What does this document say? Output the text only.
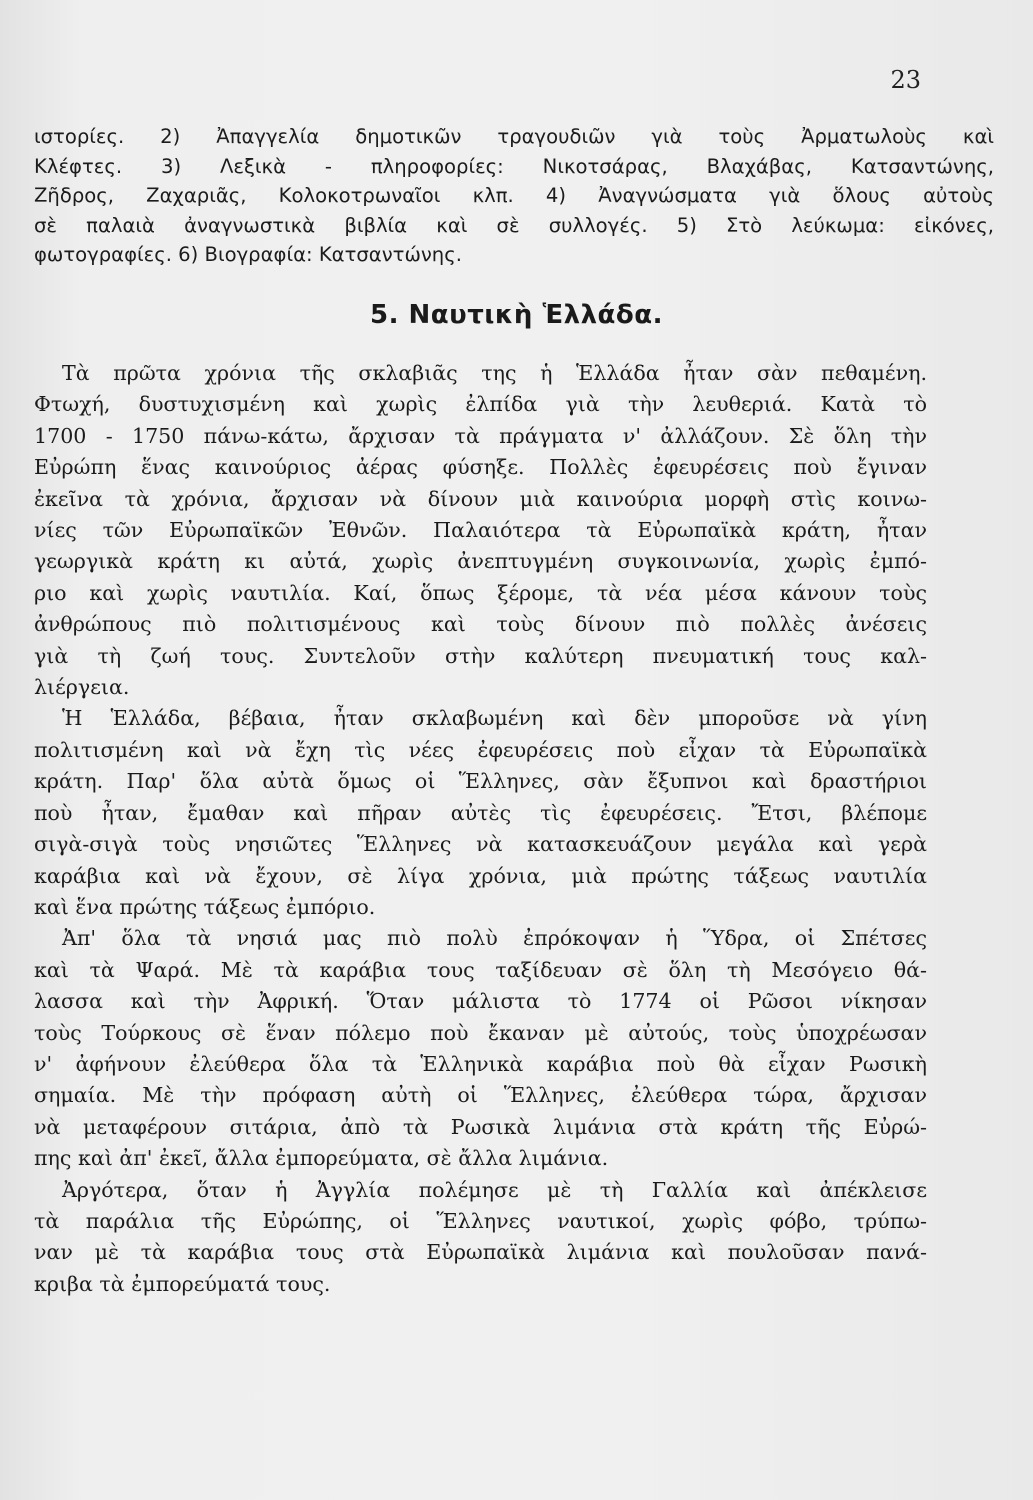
23
ιστορίες. 2) Ἀπαγγελία δημοτικῶν τραγουδιῶν γιὰ τοὺς Ἀρματωλοὺς καὶ
Κλέφτες. 3) Λεξικὰ - πληροφορίες: Νικοτσάρας, Βλαχάβας, Κατσαντώνης,
Ζῆδρος, Ζαχαριᾶς, Κολοκοτρωναῖοι κλπ. 4) Ἀναγνώσματα γιὰ ὅλους αὐτοὺς
σὲ παλαιὰ ἀναγνωστικὰ βιβλία καὶ σὲ συλλογές. 5) Στὸ λεύκωμα: εἰκόνες,
φωτογραφίες. 6) Βιογραφία: Κατσαντώνης.
5. Ναυτικὴ Ἑλλάδα.
Τὰ πρῶτα χρόνια τῆς σκλαβιᾶς της ἡ Ἑλλάδα ἦταν σὰν πεθαμένη.
Φτωχή, δυστυχισμένη καὶ χωρὶς ἐλπίδα γιὰ τὴν λευθεριά. Κατὰ τὸ
1700 - 1750 πάνω-κάτω, ἄρχισαν τὰ πράγματα ν' ἀλλάζουν. Σὲ ὅλη τὴν
Εὐρώπη ἕνας καινούριος ἀέρας φύσηξε. Πολλὲς ἐφευρέσεις ποὺ ἔγιναν
ἐκεῖνα τὰ χρόνια, ἄρχισαν νὰ δίνουν μιὰ καινούρια μορφὴ στὶς κοινω-
νίες τῶν Εὐρωπαϊκῶν Ἐθνῶν. Παλαιότερα τὰ Εὐρωπαϊκὰ κράτη, ἦταν
γεωργικὰ κράτη κι αὐτά, χωρὶς ἀνεπτυγμένη συγκοινωνία, χωρὶς ἐμπό-
ριο καὶ χωρὶς ναυτιλία. Καί, ὅπως ξέρομε, τὰ νέα μέσα κάνουν τοὺς
ἀνθρώπους πιὸ πολιτισμένους καὶ τοὺς δίνουν πιὸ πολλὲς ἀνέσεις
γιὰ τὴ ζωή τους. Συντελοῦν στὴν καλύτερη πνευματική τους καλ-
λιέργεια.
Ἡ Ἑλλάδα, βέβαια, ἦταν σκλαβωμένη καὶ δὲν μποροῦσε νὰ γίνη
πολιτισμένη καὶ νὰ ἔχη τὶς νέες ἐφευρέσεις ποὺ εἶχαν τὰ Εὐρωπαϊκὰ
κράτη. Παρ' ὅλα αὐτὰ ὅμως οἱ Ἕλληνες, σὰν ἔξυπνοι καὶ δραστήριοι
ποὺ ἦταν, ἔμαθαν καὶ πῆραν αὐτὲς τὶς ἐφευρέσεις. Ἔτσι, βλέπομε
σιγὰ-σιγὰ τοὺς νησιῶτες Ἕλληνες νὰ κατασκευάζουν μεγάλα καὶ γερὰ
καράβια καὶ νὰ ἔχουν, σὲ λίγα χρόνια, μιὰ πρώτης τάξεως ναυτιλία
καὶ ἕνα πρώτης τάξεως ἐμπόριο.
Ἀπ' ὅλα τὰ νησιά μας πιὸ πολὺ ἐπρόκοψαν ἡ Ὕδρα, οἱ Σπέτσες
καὶ τὰ Ψαρά. Μὲ τὰ καράβια τους ταξίδευαν σὲ ὅλη τὴ Μεσόγειο θά-
λασσα καὶ τὴν Ἀφρική. Ὅταν μάλιστα τὸ 1774 οἱ Ρῶσοι νίκησαν
τοὺς Τούρκους σὲ ἕναν πόλεμο ποὺ ἔκαναν μὲ αὐτούς, τοὺς ὑποχρέωσαν
ν' ἀφήνουν ἐλεύθερα ὅλα τὰ Ἑλληνικὰ καράβια ποὺ θὰ εἶχαν Ρωσικὴ
σημαία. Μὲ τὴν πρόφαση αὐτὴ οἱ Ἕλληνες, ἐλεύθερα τώρα, ἄρχισαν
νὰ μεταφέρουν σιτάρια, ἀπὸ τὰ Ρωσικὰ λιμάνια στὰ κράτη τῆς Εὐρώ-
πης καὶ ἀπ' ἐκεῖ, ἄλλα ἐμπορεύματα, σὲ ἄλλα λιμάνια.
Ἀργότερα, ὅταν ἡ Ἀγγλία πολέμησε μὲ τὴ Γαλλία καὶ ἀπέκλεισε
τὰ παράλια τῆς Εὐρώπης, οἱ Ἕλληνες ναυτικοί, χωρὶς φόβο, τρύπω-
ναν μὲ τὰ καράβια τους στὰ Εὐρωπαϊκὰ λιμάνια καὶ πουλοῦσαν πανά-
κριβα τὰ ἐμπορεύματά τους.
